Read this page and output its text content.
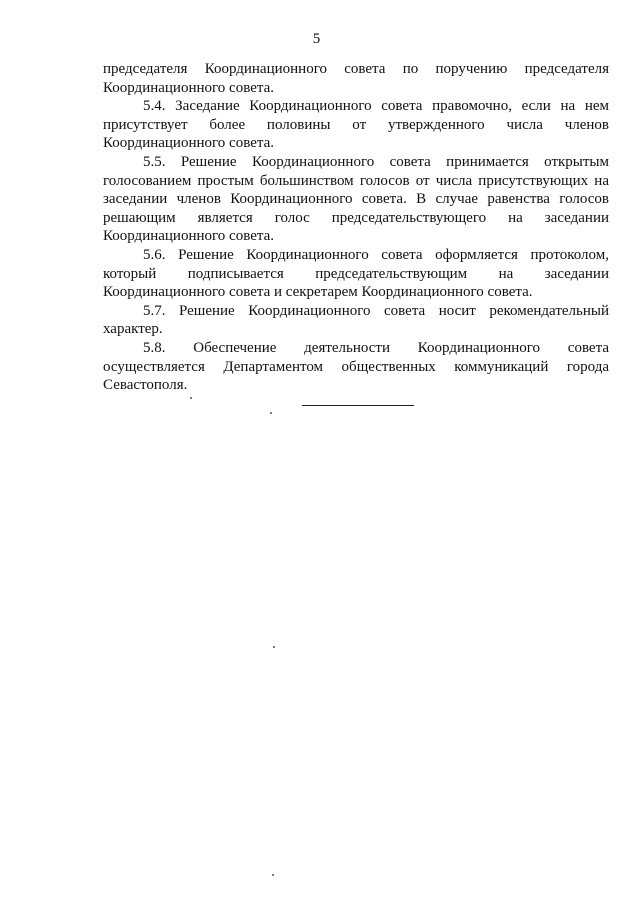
5

председателя Координационного совета по поручению председателя Координационного совета.

5.4. Заседание Координационного совета правомочно, если на нем присутствует более половины от утвержденного числа членов Координационного совета.

5.5. Решение Координационного совета принимается открытым голосованием простым большинством голосов от числа присутствующих на заседании членов Координационного совета. В случае равенства голосов решающим является голос председательствующего на заседании Координационного совета.

5.6. Решение Координационного совета оформляется протоколом, который подписывается председательствующим на заседании Координационного совета и секретарем Координационного совета.

5.7. Решение Координационного совета носит рекомендательный характер.

5.8. Обеспечение деятельности Координационного совета осуществляется Департаментом общественных коммуникаций города Севастополя.
